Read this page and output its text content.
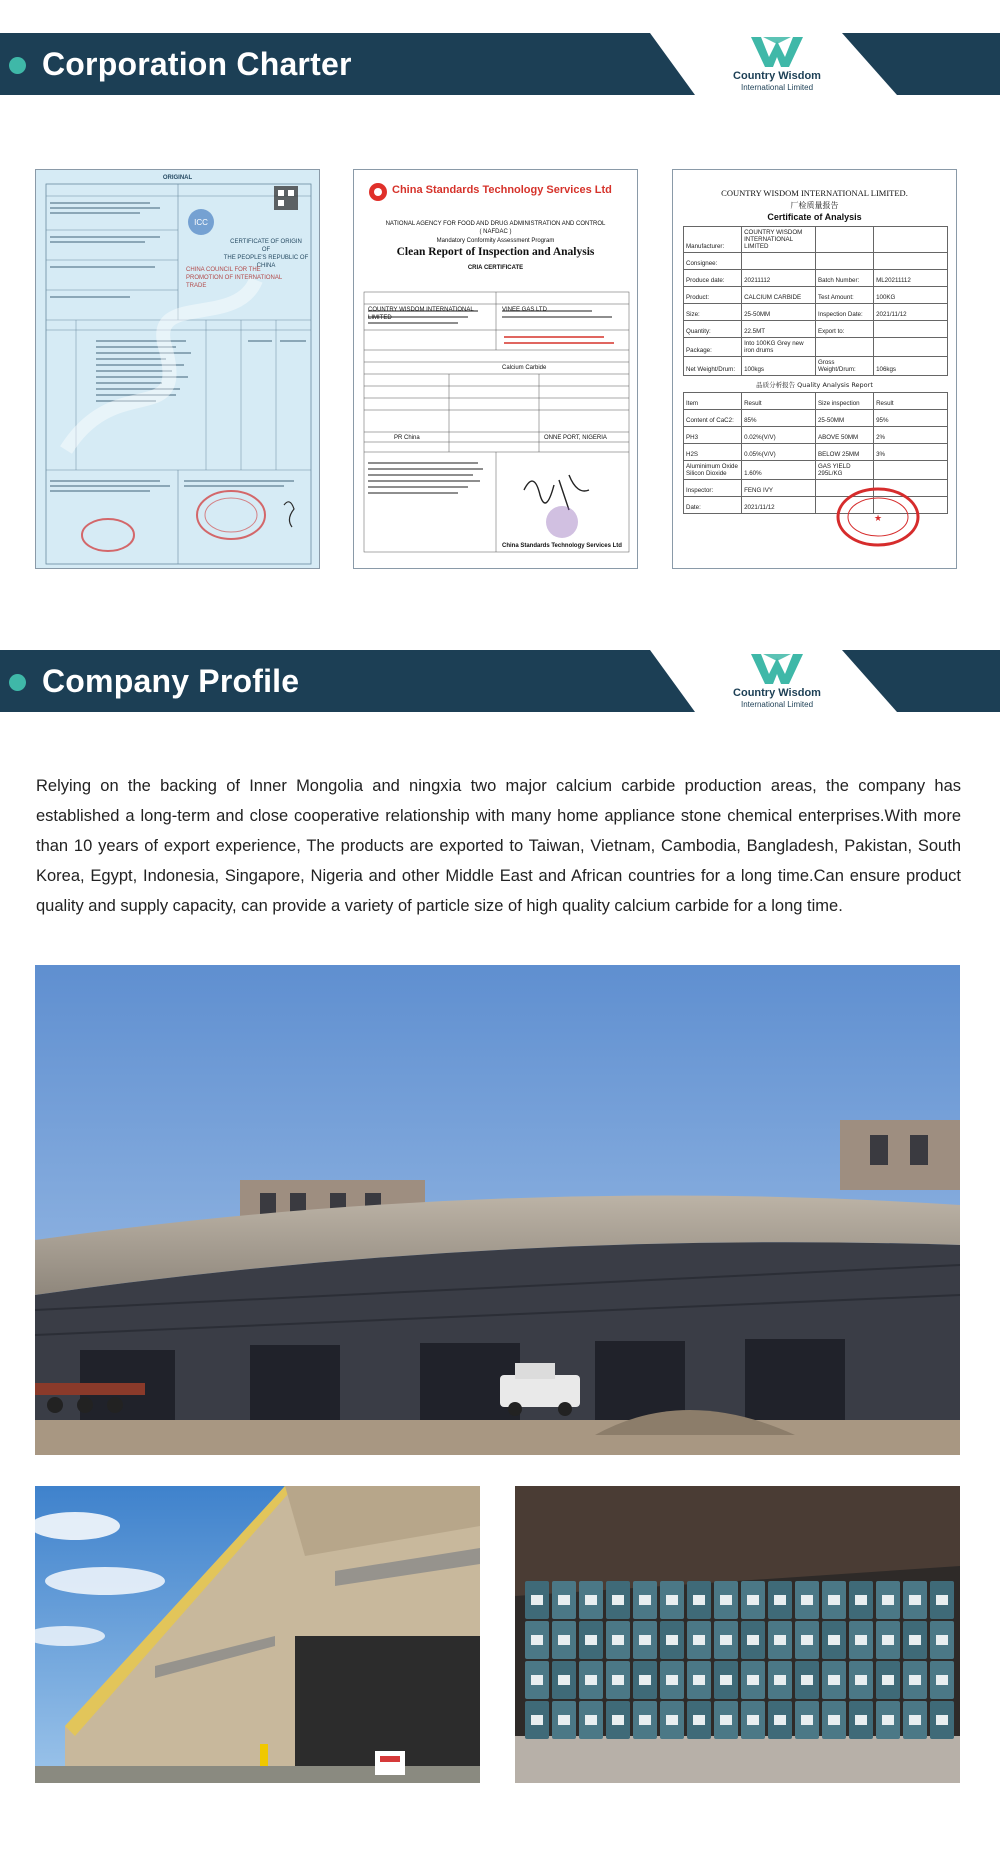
Corporation Charter	Country Wisdom
International Limited
ICC
ORIGINAL
CERTIFICATE OF ORIGIN
OF
THE PEOPLE'S REPUBLIC OF CHINA
CHINA COUNCIL FOR THE PROMOTION OF INTERNATIONAL TRADE
China Standards Technology Services Ltd
NATIONAL AGENCY FOR FOOD AND DRUG ADMINISTRATION AND CONTROL
( NAFDAC )
Mandatory Conformity Assessment Program
Clean Report of Inspection and Analysis
CRIA CERTIFICATE
COUNTRY WISDOM INTERNATIONAL LIMITED
VINEE GAS LTD
Calcium Carbide
PR China	ONNE PORT, NIGERIA
China Standards Technology Services Ltd
COUNTRY WISDOM INTERNATIONAL LIMITED.
厂检质量报告
Certificate of Analysis
Manufacturer:	COUNTRY WISDOM INTERNATIONAL LIMITED		
Consignee:			
Produce date:	20211112	Batch Number:	ML20211112
Product:	CALCIUM CARBIDE	Test Amount:	100KG
Size:	25-50MM	Inspection Date:	2021/11/12
Quantity:	22.5MT	Export to:	
Package:	Into 100KG Grey new iron drums		
Net Weight/Drum:	100kgs	Gross Weight/Drum:	106kgs
品质分析报告 Quality Analysis Report
Item	Result	Size inspection	Result
Content of CaC2:	85%	25-50MM	95%
PH3	0.02%(V/V)	ABOVE 50MM	2%
H2S	0.05%(V/V)	BELOW 25MM	3%
Aluminimum Oxide Silicon Dioxide	1.60%	GAS YIELD 295L/KG	
Inspector:	FENG IVY		
Date:	2021/11/12		
★
Company Profile	Country Wisdom
International Limited
Relying on the backing of Inner Mongolia and ningxia two major calcium carbide production areas, the company has established a long-term and close cooperative relationship with many home appliance stone chemical enterprises.With more than 10 years of export experience, The products are exported to Taiwan, Vietnam, Cambodia, Bangladesh, Pakistan, South Korea, Egypt, Indonesia, Singapore, Nigeria and other Middle East and African countries for a long time.Can ensure product quality and supply capacity, can provide a variety of particle size of high quality calcium carbide for a long time.
